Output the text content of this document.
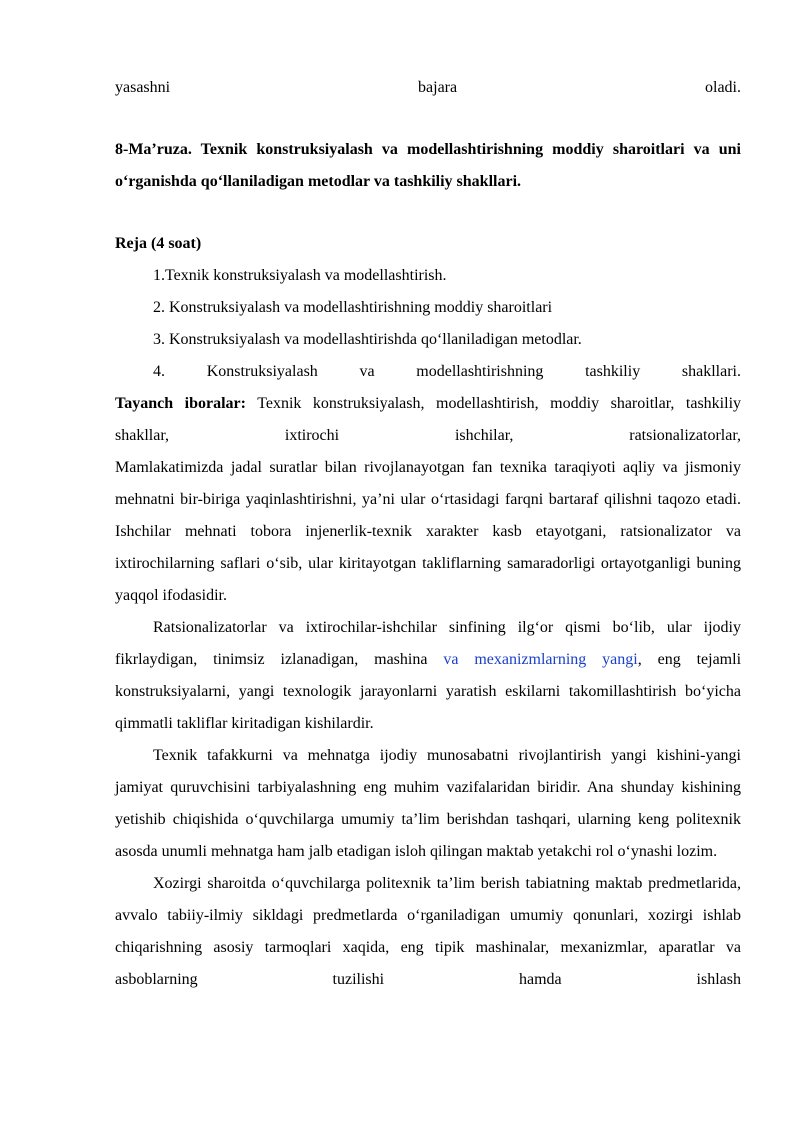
yasashni	bajara	oladi.

8-Ma’ruza. Texnik konstruksiyalash va modellashtirishning moddiy sharoitlari va uni o‘rganishda qo‘llaniladigan metodlar va tashkiliy shakllari.

Reja (4 soat)

1.Texnik konstruksiyalash va modellashtirish.

2. Konstruksiyalash va modellashtirishning moddiy sharoitlari

3. Konstruksiyalash va modellashtirishda qo‘llaniladigan metodlar.

4. Konstruksiyalash va modellashtirishning tashkiliy shakllari.

Tayanch iboralar: Texnik konstruksiyalash, modellashtirish, moddiy sharoitlar, tashkiliy shakllar, ixtirochi ishchilar, ratsionalizatorlar,

Mamlakatimizda jadal suratlar bilan rivojlanayotgan fan texnika taraqiyoti aqliy va jismoniy mehnatni bir-biriga yaqinlashtirishni, ya’ni ular o‘rtasidagi farqni bartaraf qilishni taqozo etadi. Ishchilar mehnati tobora injenerlik-texnik xarakter kasb etayotgani, ratsionalizator va ixtirochilarning saflari o‘sib, ular kiritayotgan takliflarning samaradorligi ortayotganligi buning yaqqol ifodasidir.

Ratsionalizatorlar va ixtirochilar-ishchilar sinfining ilg‘or qismi bo‘lib, ular ijodiy fikrlaydigan, tinimsiz izlanadigan, mashina va mexanizmlarning yangi, eng tejamli konstruksiyalarni, yangi texnologik jarayonlarni yaratish eskilarni takomillashtirish bo‘yicha qimmatli takliflar kiritadigan kishilardir.

Texnik tafakkurni va mehnatga ijodiy munosabatni rivojlantirish yangi kishini-yangi jamiyat quruvchisini tarbiyalashning eng muhim vazifalaridan biridir. Ana shunday kishining yetishib chiqishida o‘quvchilarga umumiy ta’lim berishdan tashqari, ularning keng politexnik asosda unumli mehnatga ham jalb etadigan isloh qilingan maktab yetakchi rol o‘ynashi lozim.

Xozirgi sharoitda o‘quvchilarga politexnik ta’lim berish tabiatning maktab predmetlarida, avvalo tabiiy-ilmiy sikldagi predmetlarda o‘rganiladigan umumiy qonunlari, xozirgi ishlab chiqarishning asosiy tarmoqlari xaqida, eng tipik mashinalar, mexanizmlar, aparatlar va asboblarning tuzilishi hamda ishlash
